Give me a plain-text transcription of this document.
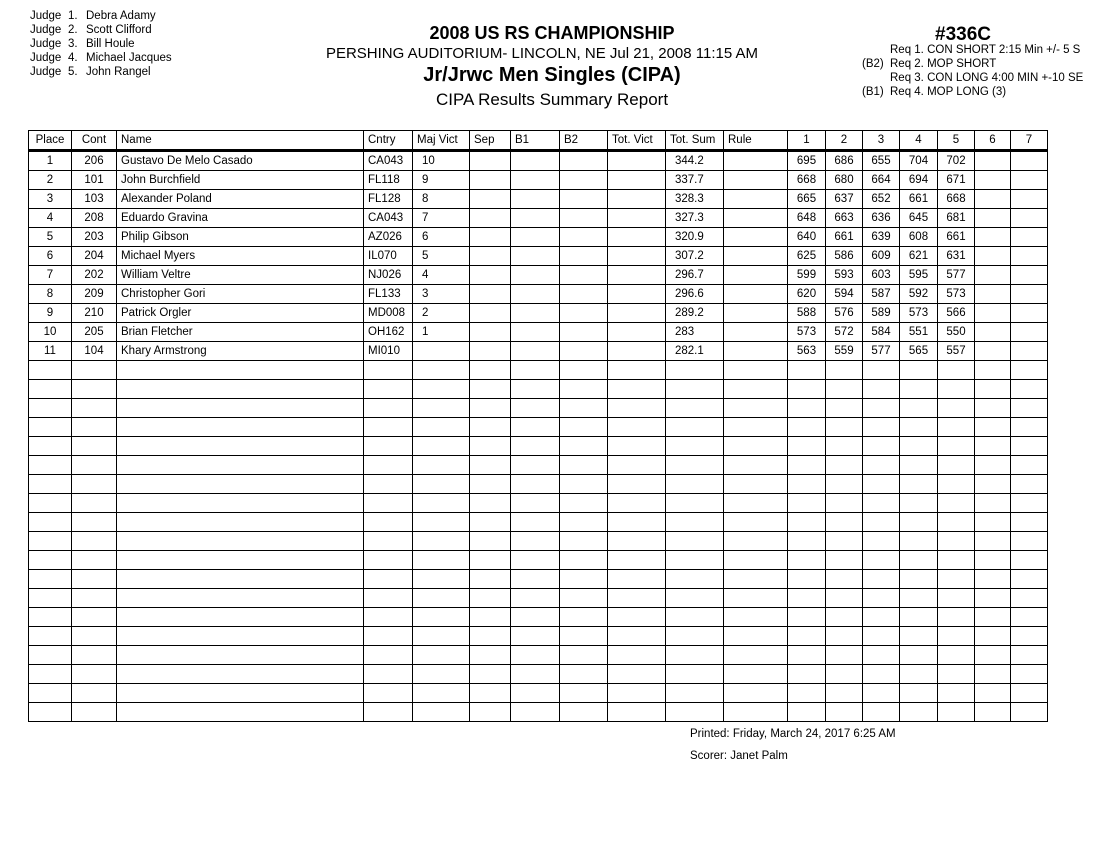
Judge 1. Debra Adamy
Judge 2. Scott Clifford
Judge 3. Bill Houle
Judge 4. Michael Jacques
Judge 5. John Rangel
2008 US RS CHAMPIONSHIP
PERSHING AUDITORIUM- LINCOLN, NE Jul 21, 2008 11:15 AM
Jr/Jrwc Men Singles (CIPA)
CIPA Results Summary Report
#336C
Req 1. CON SHORT 2:15 Min +/- 5 S
(B2) Req 2. MOP SHORT
Req 3. CON LONG 4:00 MIN +-10 SE
(B1) Req 4. MOP LONG (3)
Place	Cont	Name	Cntry	Maj Vict	Sep	B1	B2	Tot. Vict	Tot. Sum	Rule	1	2	3	4	5	6	7
1	206	Gustavo De Melo Casado	CA043	10					344.2		695	686	655	704	702		
2	101	John Burchfield	FL118	9					337.7		668	680	664	694	671		
3	103	Alexander Poland	FL128	8					328.3		665	637	652	661	668		
4	208	Eduardo Gravina	CA043	7					327.3		648	663	636	645	681		
5	203	Philip Gibson	AZ026	6					320.9		640	661	639	608	661		
6	204	Michael Myers	IL070	5					307.2		625	586	609	621	631		
7	202	William Veltre	NJ026	4					296.7		599	593	603	595	577		
8	209	Christopher Gori	FL133	3					296.6		620	594	587	592	573		
9	210	Patrick Orgler	MD008	2					289.2		588	576	589	573	566		
10	205	Brian Fletcher	OH162	1					283		573	572	584	551	550		
11	104	Khary Armstrong	MI010						282.1		563	559	577	565	557		

Printed: Friday, March 24, 2017 6:25 AM
Scorer: Janet Palm
